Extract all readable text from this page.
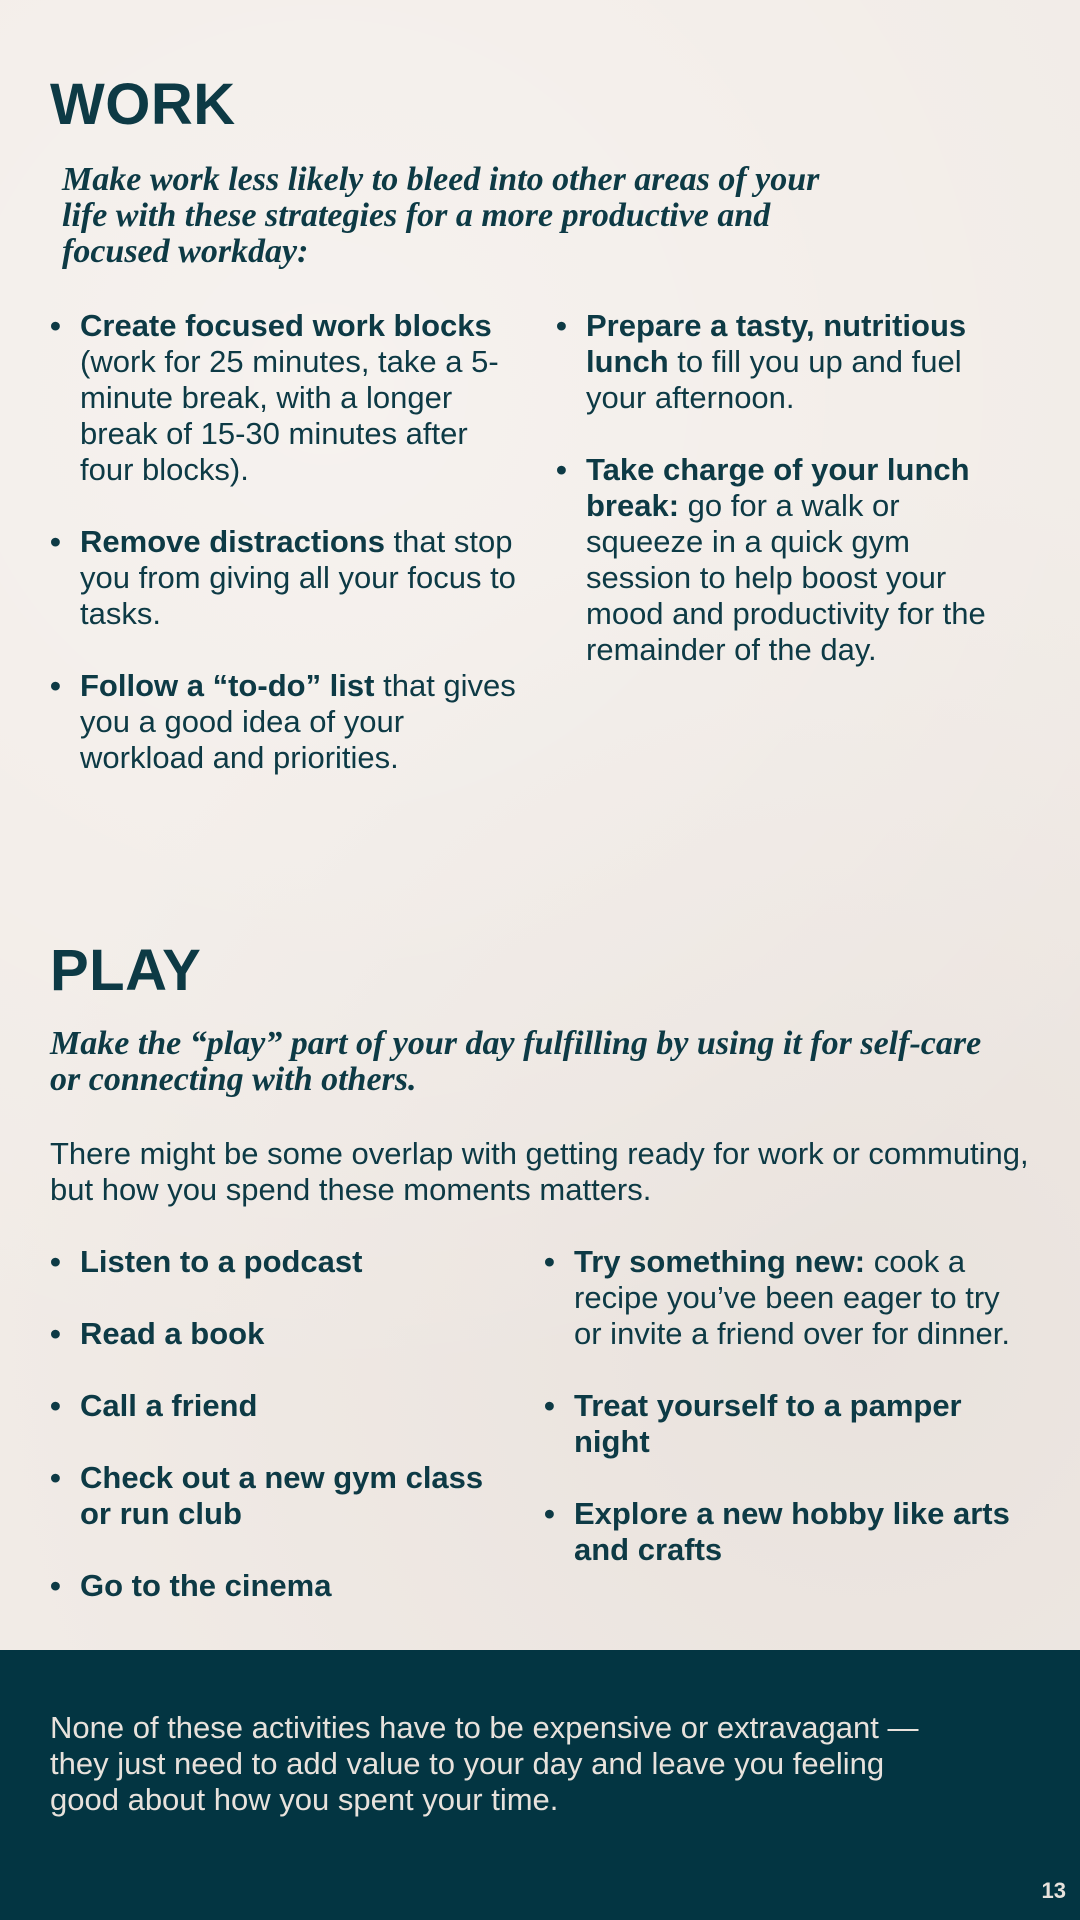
WORK

Make work less likely to bleed into other areas of your life with these strategies for a more productive and focused workday:

• Create focused work blocks (work for 25 minutes, take a 5-minute break, with a longer break of 15-30 minutes after four blocks).
• Remove distractions that stop you from giving all your focus to tasks.
• Follow a “to-do” list that gives you a good idea of your workload and priorities.
• Prepare a tasty, nutritious lunch to fill you up and fuel your afternoon.
• Take charge of your lunch break: go for a walk or squeeze in a quick gym session to help boost your mood and productivity for the remainder of the day.
PLAY

Make the “play” part of your day fulfilling by using it for self-care or connecting with others.

There might be some overlap with getting ready for work or commuting, but how you spend these moments matters.

• Listen to a podcast
• Read a book
• Call a friend
• Check out a new gym class or run club
• Go to the cinema
• Try something new: cook a recipe you’ve been eager to try or invite a friend over for dinner.
• Treat yourself to a pamper night
• Explore a new hobby like arts and crafts

None of these activities have to be expensive or extravagant — they just need to add value to your day and leave you feeling good about how you spent your time.

13
